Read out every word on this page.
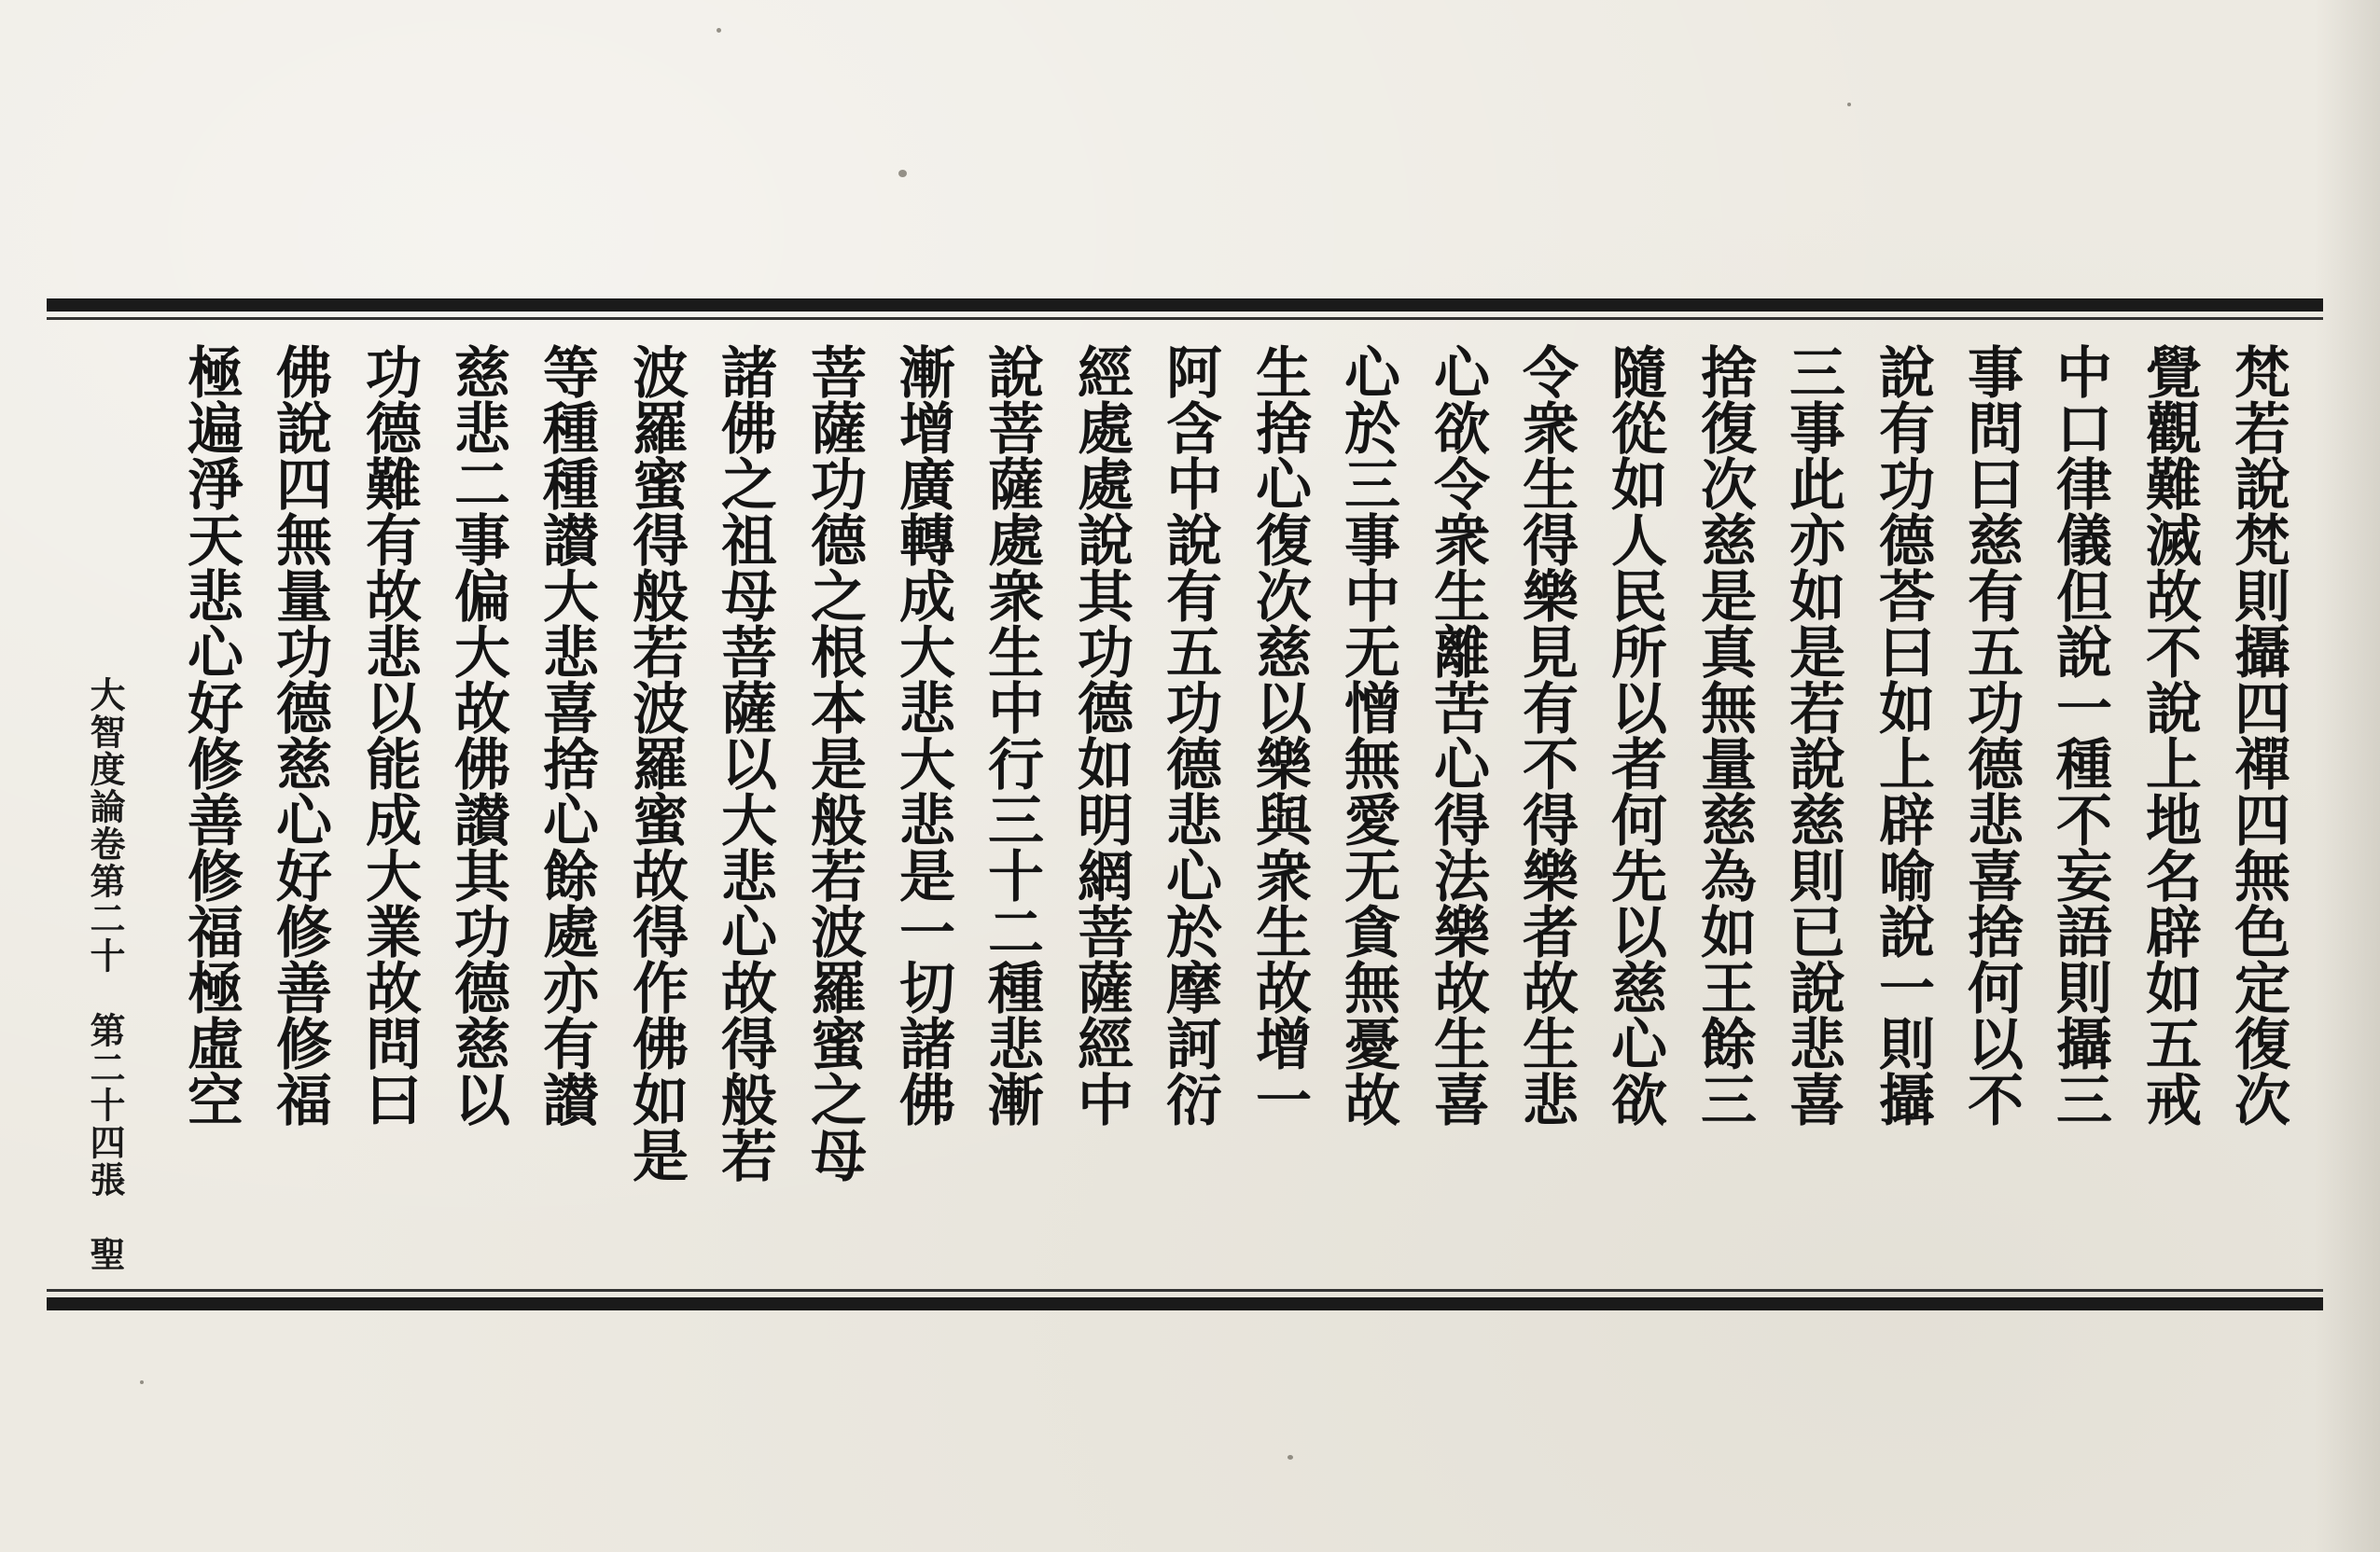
梵若說梵則攝四禪四無色定復次
覺觀難滅故不說上地名辟如五戒
中口律儀但說一種不妄語則攝三
事問曰慈有五功德悲喜捨何以不
說有功德荅曰如上辟喻說一則攝
三事此亦如是若說慈則已說悲喜
捨復次慈是真無量慈為如王餘三
隨從如人民所以者何先以慈心欲
令衆生得樂見有不得樂者故生悲
心欲令衆生離苦心得法樂故生喜
心於三事中无憎無愛无貪無憂故
生捨心復次慈以樂與衆生故增一
阿含中說有五功德悲心於摩訶衍
經處處說其功德如明網菩薩經中
說菩薩處衆生中行三十二種悲漸
漸增廣轉成大悲大悲是一切諸佛
菩薩功德之根本是般若波羅蜜之母
諸佛之祖母菩薩以大悲心故得般若
波羅蜜得般若波羅蜜故得作佛如是
等種種讃大悲喜捨心餘處亦有讃
慈悲二事偏大故佛讃其功德慈以
功德難有故悲以能成大業故問曰
佛說四無量功德慈心好修善修福
極遍淨天悲心好修善修福極虛空
大智度論卷第二十　第二十四張　聖
